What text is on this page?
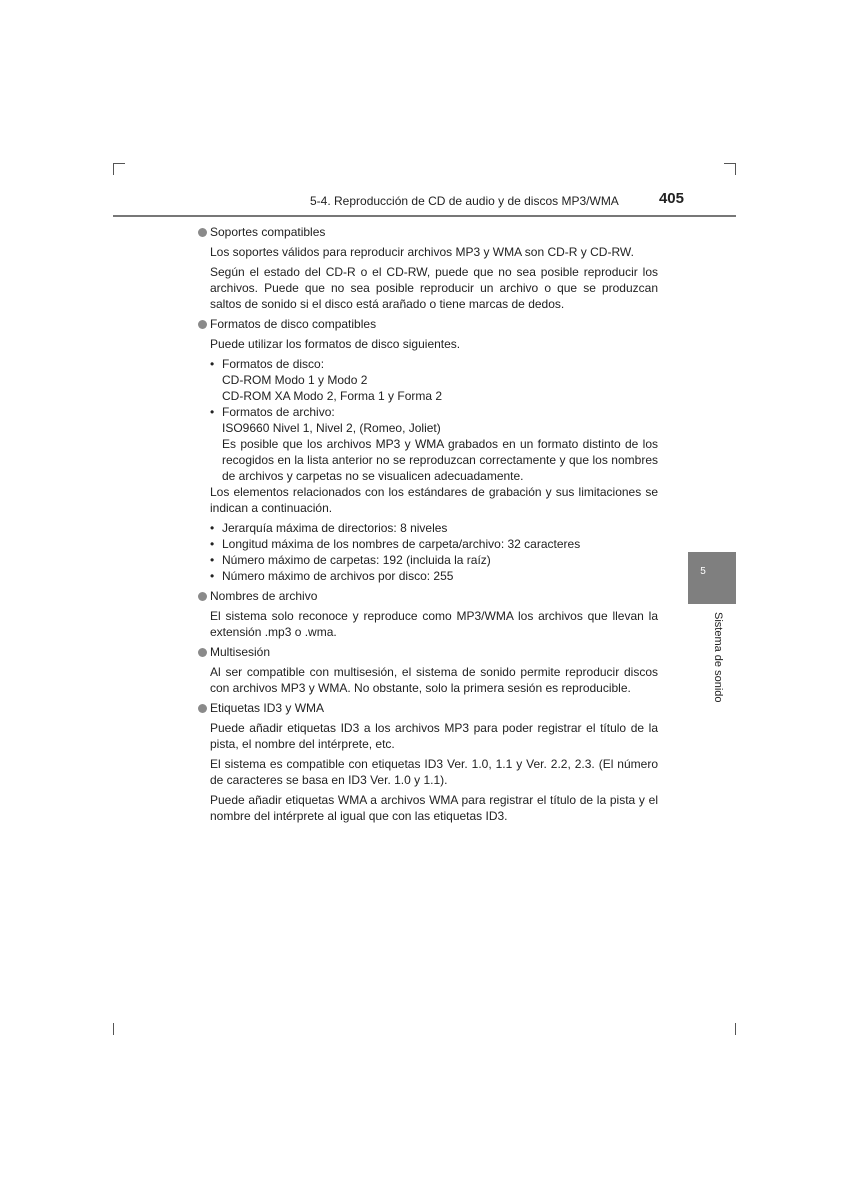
5-4. Reproducción de CD de audio y de discos MP3/WMA	405
5
Sistema de sonido
Soportes compatibles

Los soportes válidos para reproducir archivos MP3 y WMA son CD-R y CD-RW.

Según el estado del CD-R o el CD-RW, puede que no sea posible reproducir los archivos. Puede que no sea posible reproducir un archivo o que se produzcan saltos de sonido si el disco está arañado o tiene marcas de dedos.

Formatos de disco compatibles

Puede utilizar los formatos de disco siguientes.

• Formatos de disco:
CD-ROM Modo 1 y Modo 2
CD-ROM XA Modo 2, Forma 1 y Forma 2
• Formatos de archivo:
ISO9660 Nivel 1, Nivel 2, (Romeo, Joliet)
Es posible que los archivos MP3 y WMA grabados en un formato distinto de los recogidos en la lista anterior no se reproduzcan correctamente y que los nombres de archivos y carpetas no se visualicen adecuadamente.

Los elementos relacionados con los estándares de grabación y sus limitaciones se indican a continuación.

• Jerarquía máxima de directorios: 8 niveles
• Longitud máxima de los nombres de carpeta/archivo: 32 caracteres
• Número máximo de carpetas: 192 (incluida la raíz)
• Número máximo de archivos por disco: 255
Nombres de archivo

El sistema solo reconoce y reproduce como MP3/WMA los archivos que llevan la extensión .mp3 o .wma.

Multisesión

Al ser compatible con multisesión, el sistema de sonido permite reproducir discos con archivos MP3 y WMA. No obstante, solo la primera sesión es reproducible.

Etiquetas ID3 y WMA

Puede añadir etiquetas ID3 a los archivos MP3 para poder registrar el título de la pista, el nombre del intérprete, etc.

El sistema es compatible con etiquetas ID3 Ver. 1.0, 1.1 y Ver. 2.2, 2.3. (El número de caracteres se basa en ID3 Ver. 1.0 y 1.1).

Puede añadir etiquetas WMA a archivos WMA para registrar el título de la pista y el nombre del intérprete al igual que con las etiquetas ID3.
